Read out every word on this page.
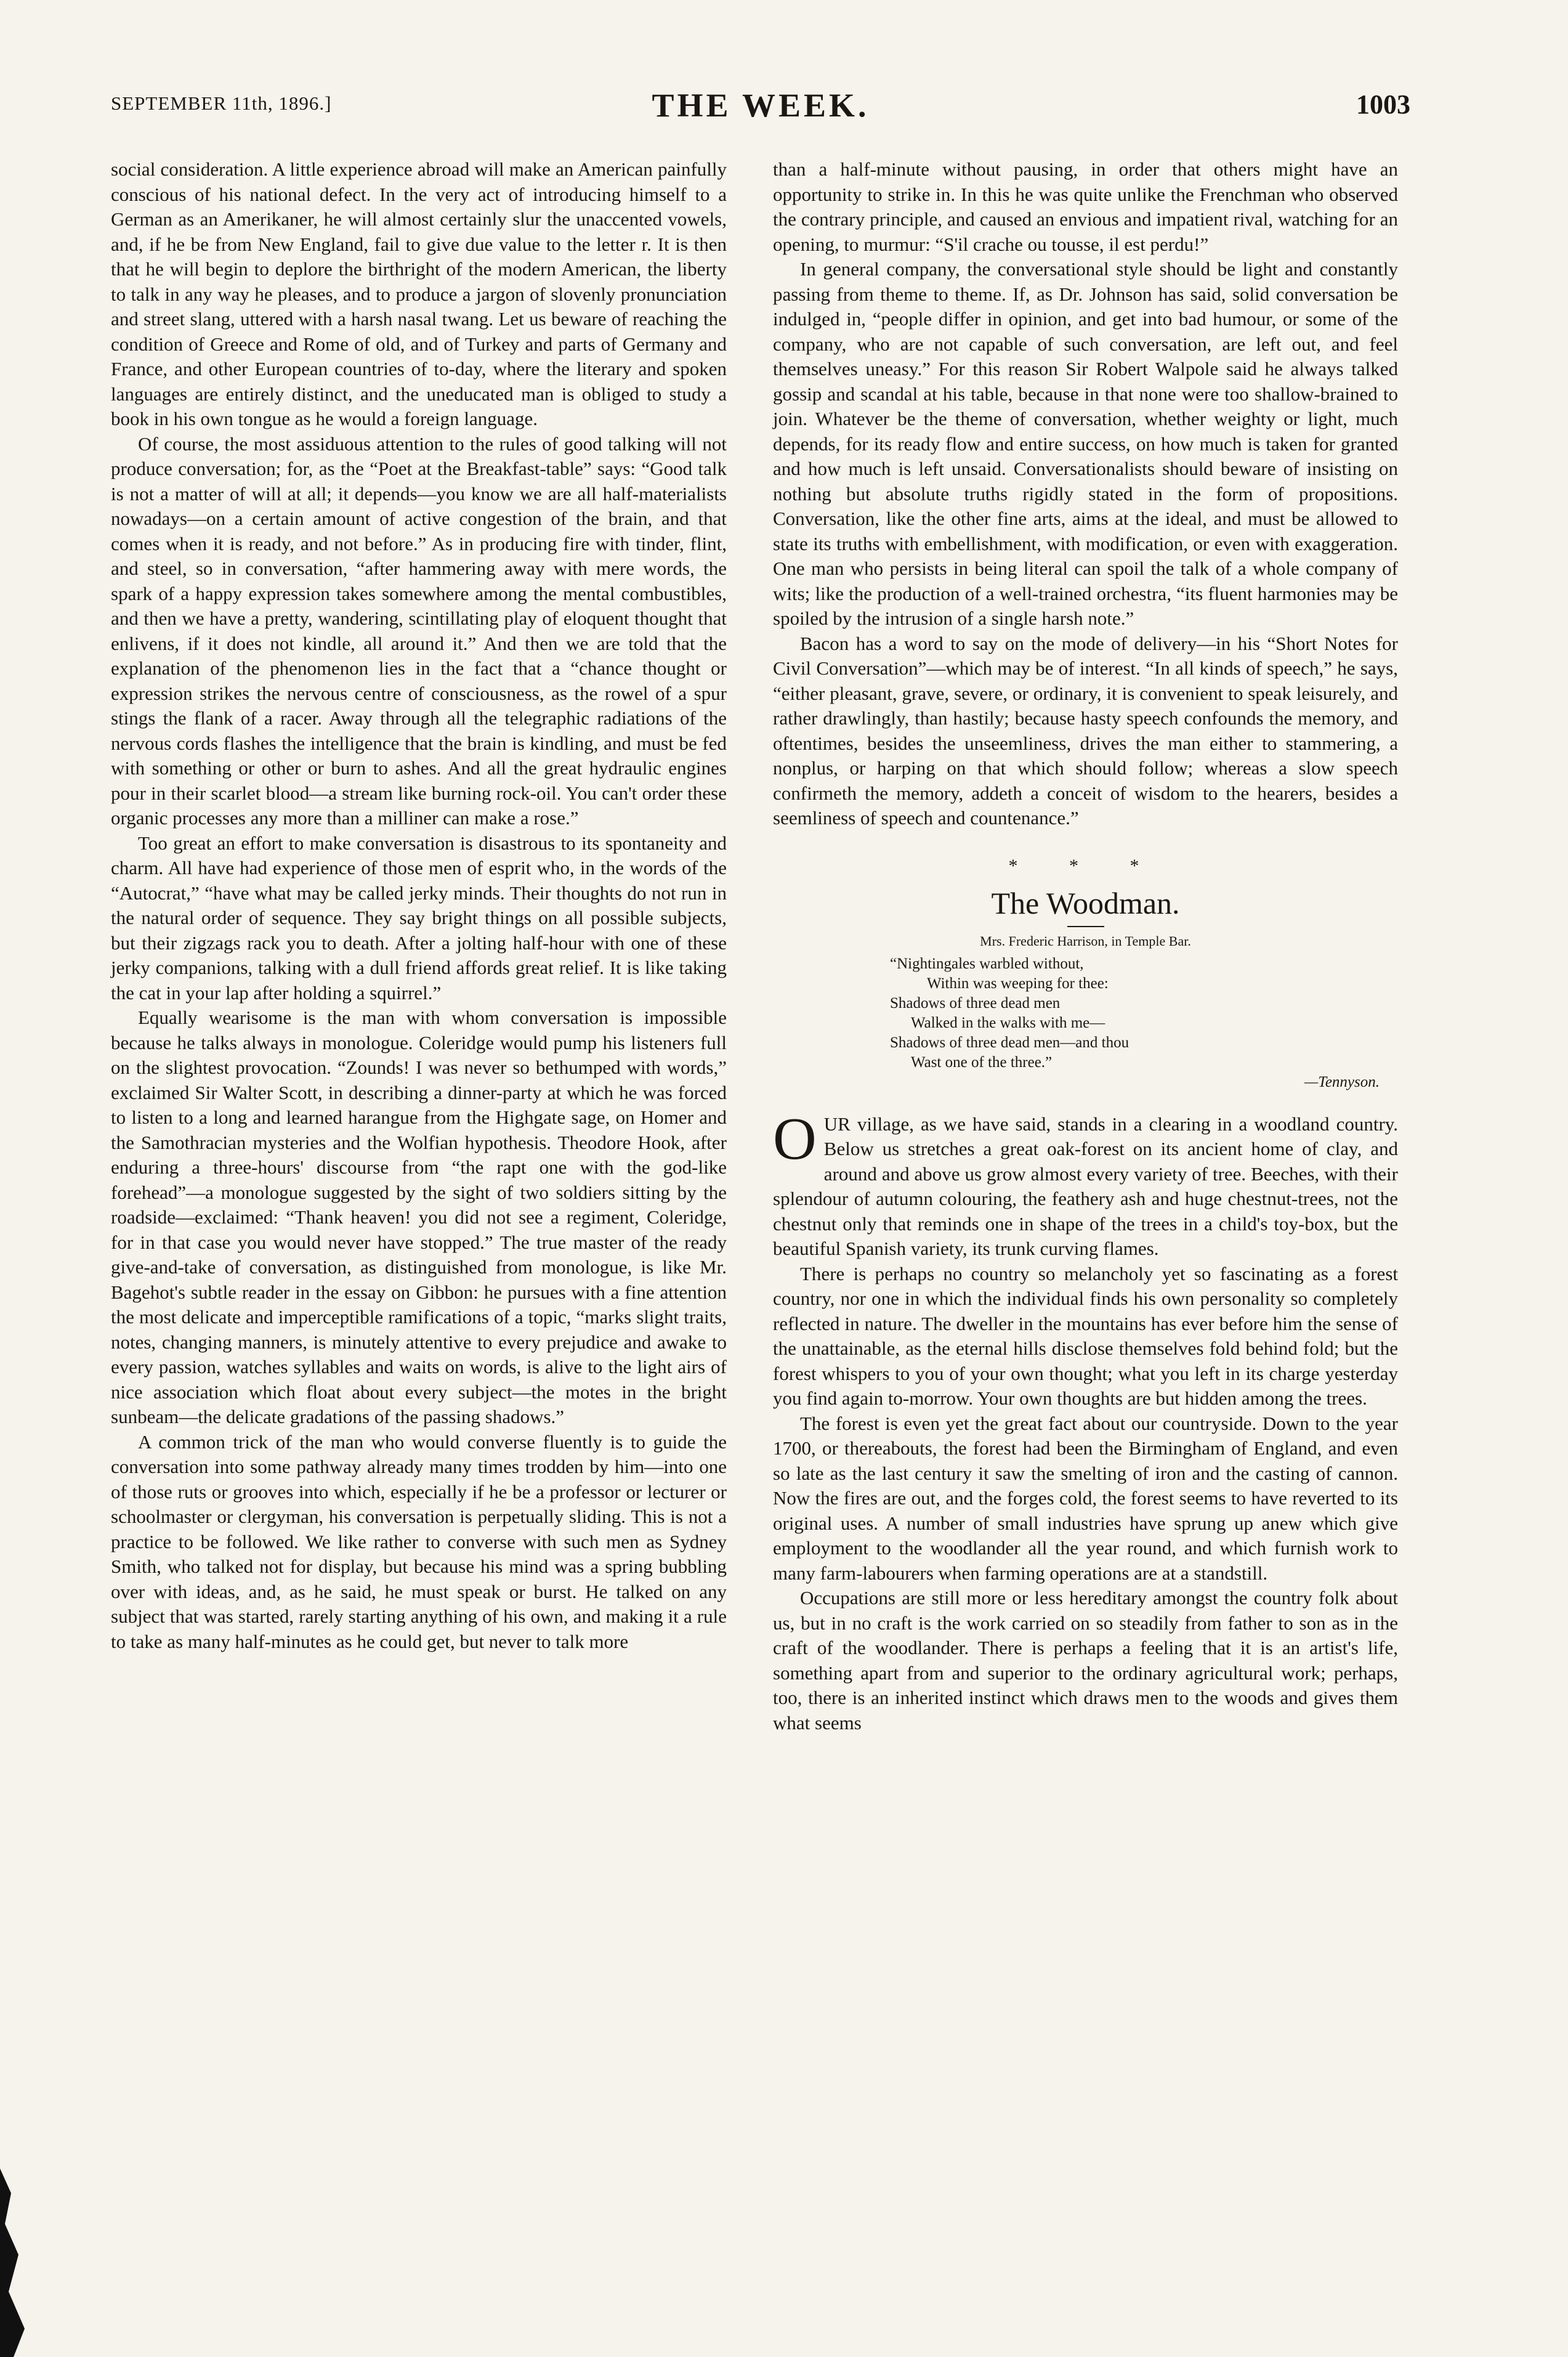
SEPTEMBER 11th, 1896.]	THE WEEK.	1003

social consideration. A little experience abroad will make an American painfully conscious of his national defect. In the very act of introducing himself to a German as an Amerikaner, he will almost certainly slur the unaccented vowels, and, if he be from New England, fail to give due value to the letter r. It is then that he will begin to deplore the birthright of the modern American, the liberty to talk in any way he pleases, and to produce a jargon of slovenly pronunciation and street slang, uttered with a harsh nasal twang. Let us beware of reaching the condition of Greece and Rome of old, and of Turkey and parts of Germany and France, and other European countries of to-day, where the literary and spoken languages are entirely distinct, and the uneducated man is obliged to study a book in his own tongue as he would a foreign language.

Of course, the most assiduous attention to the rules of good talking will not produce conversation; for, as the “Poet at the Breakfast-table” says: “Good talk is not a matter of will at all; it depends—you know we are all half-materialists nowadays—on a certain amount of active congestion of the brain, and that comes when it is ready, and not before.” As in producing fire with tinder, flint, and steel, so in conversation, “after hammering away with mere words, the spark of a happy expression takes somewhere among the mental combustibles, and then we have a pretty, wandering, scintillating play of eloquent thought that enlivens, if it does not kindle, all around it.” And then we are told that the explanation of the phenomenon lies in the fact that a “chance thought or expression strikes the nervous centre of consciousness, as the rowel of a spur stings the flank of a racer. Away through all the telegraphic radiations of the nervous cords flashes the intelligence that the brain is kindling, and must be fed with something or other or burn to ashes. And all the great hydraulic engines pour in their scarlet blood—a stream like burning rock-oil. You can't order these organic processes any more than a milliner can make a rose.”

Too great an effort to make conversation is disastrous to its spontaneity and charm. All have had experience of those men of esprit who, in the words of the “Autocrat,” “have what may be called jerky minds. Their thoughts do not run in the natural order of sequence. They say bright things on all possible subjects, but their zigzags rack you to death. After a jolting half-hour with one of these jerky companions, talking with a dull friend affords great relief. It is like taking the cat in your lap after holding a squirrel.”

Equally wearisome is the man with whom conversation is impossible because he talks always in monologue. Coleridge would pump his listeners full on the slightest provocation. “Zounds! I was never so bethumped with words,” exclaimed Sir Walter Scott, in describing a dinner-party at which he was forced to listen to a long and learned harangue from the Highgate sage, on Homer and the Samothracian mysteries and the Wolfian hypothesis. Theodore Hook, after enduring a three-hours' discourse from “the rapt one with the god-like forehead”—a monologue suggested by the sight of two soldiers sitting by the roadside—exclaimed: “Thank heaven! you did not see a regiment, Coleridge, for in that case you would never have stopped.” The true master of the ready give-and-take of conversation, as distinguished from monologue, is like Mr. Bagehot's subtle reader in the essay on Gibbon: he pursues with a fine attention the most delicate and imperceptible ramifications of a topic, “marks slight traits, notes, changing manners, is minutely attentive to every prejudice and awake to every passion, watches syllables and waits on words, is alive to the light airs of nice association which float about every subject—the motes in the bright sunbeam—the delicate gradations of the passing shadows.”

A common trick of the man who would converse fluently is to guide the conversation into some pathway already many times trodden by him—into one of those ruts or grooves into which, especially if he be a professor or lecturer or schoolmaster or clergyman, his conversation is perpetually sliding. This is not a practice to be followed. We like rather to converse with such men as Sydney Smith, who talked not for display, but because his mind was a spring bubbling over with ideas, and, as he said, he must speak or burst. He talked on any subject that was started, rarely starting anything of his own, and making it a rule to take as many half-minutes as he could get, but never to talk more

than a half-minute without pausing, in order that others might have an opportunity to strike in. In this he was quite unlike the Frenchman who observed the contrary principle, and caused an envious and impatient rival, watching for an opening, to murmur: “S'il crache ou tousse, il est perdu!”

In general company, the conversational style should be light and constantly passing from theme to theme. If, as Dr. Johnson has said, solid conversation be indulged in, “people differ in opinion, and get into bad humour, or some of the company, who are not capable of such conversation, are left out, and feel themselves uneasy.” For this reason Sir Robert Walpole said he always talked gossip and scandal at his table, because in that none were too shallow-brained to join. Whatever be the theme of conversation, whether weighty or light, much depends, for its ready flow and entire success, on how much is taken for granted and how much is left unsaid. Conversationalists should beware of insisting on nothing but absolute truths rigidly stated in the form of propositions. Conversation, like the other fine arts, aims at the ideal, and must be allowed to state its truths with embellishment, with modification, or even with exaggeration. One man who persists in being literal can spoil the talk of a whole company of wits; like the production of a well-trained orchestra, “its fluent harmonies may be spoiled by the intrusion of a single harsh note.”

Bacon has a word to say on the mode of delivery—in his “Short Notes for Civil Conversation”—which may be of interest. “In all kinds of speech,” he says, “either pleasant, grave, severe, or ordinary, it is convenient to speak leisurely, and rather drawlingly, than hastily; because hasty speech confounds the memory, and oftentimes, besides the unseemliness, drives the man either to stammering, a nonplus, or harping on that which should follow; whereas a slow speech confirmeth the memory, addeth a conceit of wisdom to the hearers, besides a seemliness of speech and countenance.”

* * *
The Woodman.
Mrs. Frederic Harrison, in Temple Bar.
“Nightingales warbled without,
Within was weeping for thee:
Shadows of three dead men
Walked in the walks with me—
Shadows of three dead men—and thou
Wast one of the three.”
—Tennyson.

OUR village, as we have said, stands in a clearing in a woodland country. Below us stretches a great oak-forest on its ancient home of clay, and around and above us grow almost every variety of tree. Beeches, with their splendour of autumn colouring, the feathery ash and huge chestnut-trees, not the chestnut only that reminds one in shape of the trees in a child's toy-box, but the beautiful Spanish variety, its trunk curving flames.

There is perhaps no country so melancholy yet so fascinating as a forest country, nor one in which the individual finds his own personality so completely reflected in nature. The dweller in the mountains has ever before him the sense of the unattainable, as the eternal hills disclose themselves fold behind fold; but the forest whispers to you of your own thought; what you left in its charge yesterday you find again to-morrow. Your own thoughts are but hidden among the trees.

The forest is even yet the great fact about our countryside. Down to the year 1700, or thereabouts, the forest had been the Birmingham of England, and even so late as the last century it saw the smelting of iron and the casting of cannon. Now the fires are out, and the forges cold, the forest seems to have reverted to its original uses. A number of small industries have sprung up anew which give employment to the woodlander all the year round, and which furnish work to many farm-labourers when farming operations are at a standstill.

Occupations are still more or less hereditary amongst the country folk about us, but in no craft is the work carried on so steadily from father to son as in the craft of the woodlander. There is perhaps a feeling that it is an artist's life, something apart from and superior to the ordinary agricultural work; perhaps, too, there is an inherited instinct which draws men to the woods and gives them what seems
